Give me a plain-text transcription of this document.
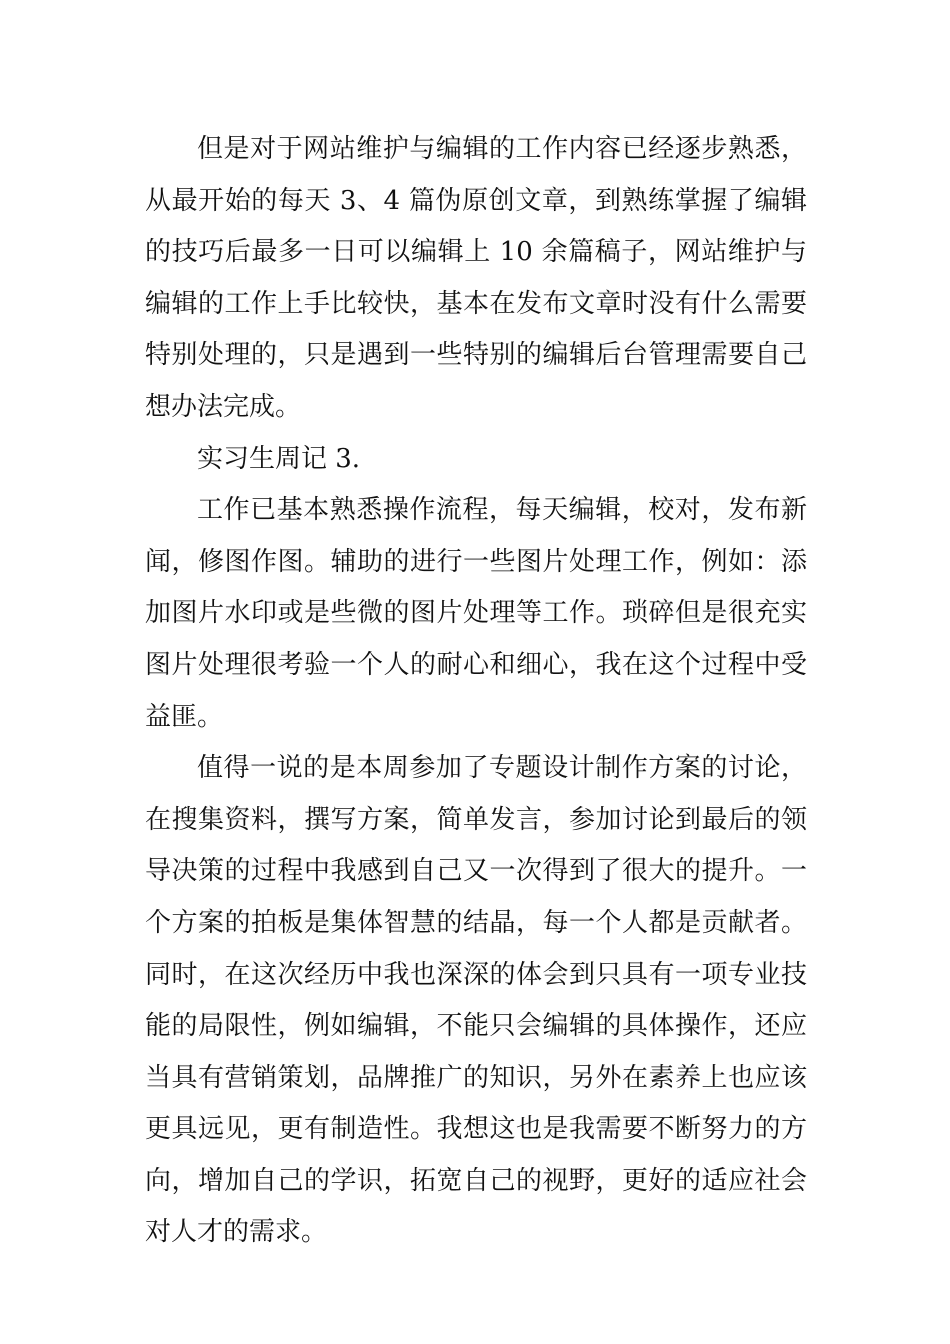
但是对于网站维护与编辑的工作内容已经逐步熟悉，从最开始的每天 3、4 篇伪原创文章，到熟练掌握了编辑的技巧后最多一日可以编辑上 10 余篇稿子，网站维护与编辑的工作上手比较快，基本在发布文章时没有什么需要特别处理的，只是遇到一些特别的编辑后台管理需要自己想办法完成。

实习生周记 3.

工作已基本熟悉操作流程，每天编辑，校对，发布新闻，修图作图。辅助的进行一些图片处理工作，例如：添加图片水印或是些微的图片处理等工作。琐碎但是很充实图片处理很考验一个人的耐心和细心，我在这个过程中受益匪。

值得一说的是本周参加了专题设计制作方案的讨论，在搜集资料，撰写方案，简单发言，参加讨论到最后的领导决策的过程中我感到自己又一次得到了很大的提升。一个方案的拍板是集体智慧的结晶，每一个人都是贡献者。同时，在这次经历中我也深深的体会到只具有一项专业技能的局限性，例如编辑，不能只会编辑的具体操作，还应当具有营销策划，品牌推广的知识，另外在素养上也应该更具远见，更有制造性。我想这也是我需要不断努力的方向，增加自己的学识，拓宽自己的视野，更好的适应社会对人才的需求。
